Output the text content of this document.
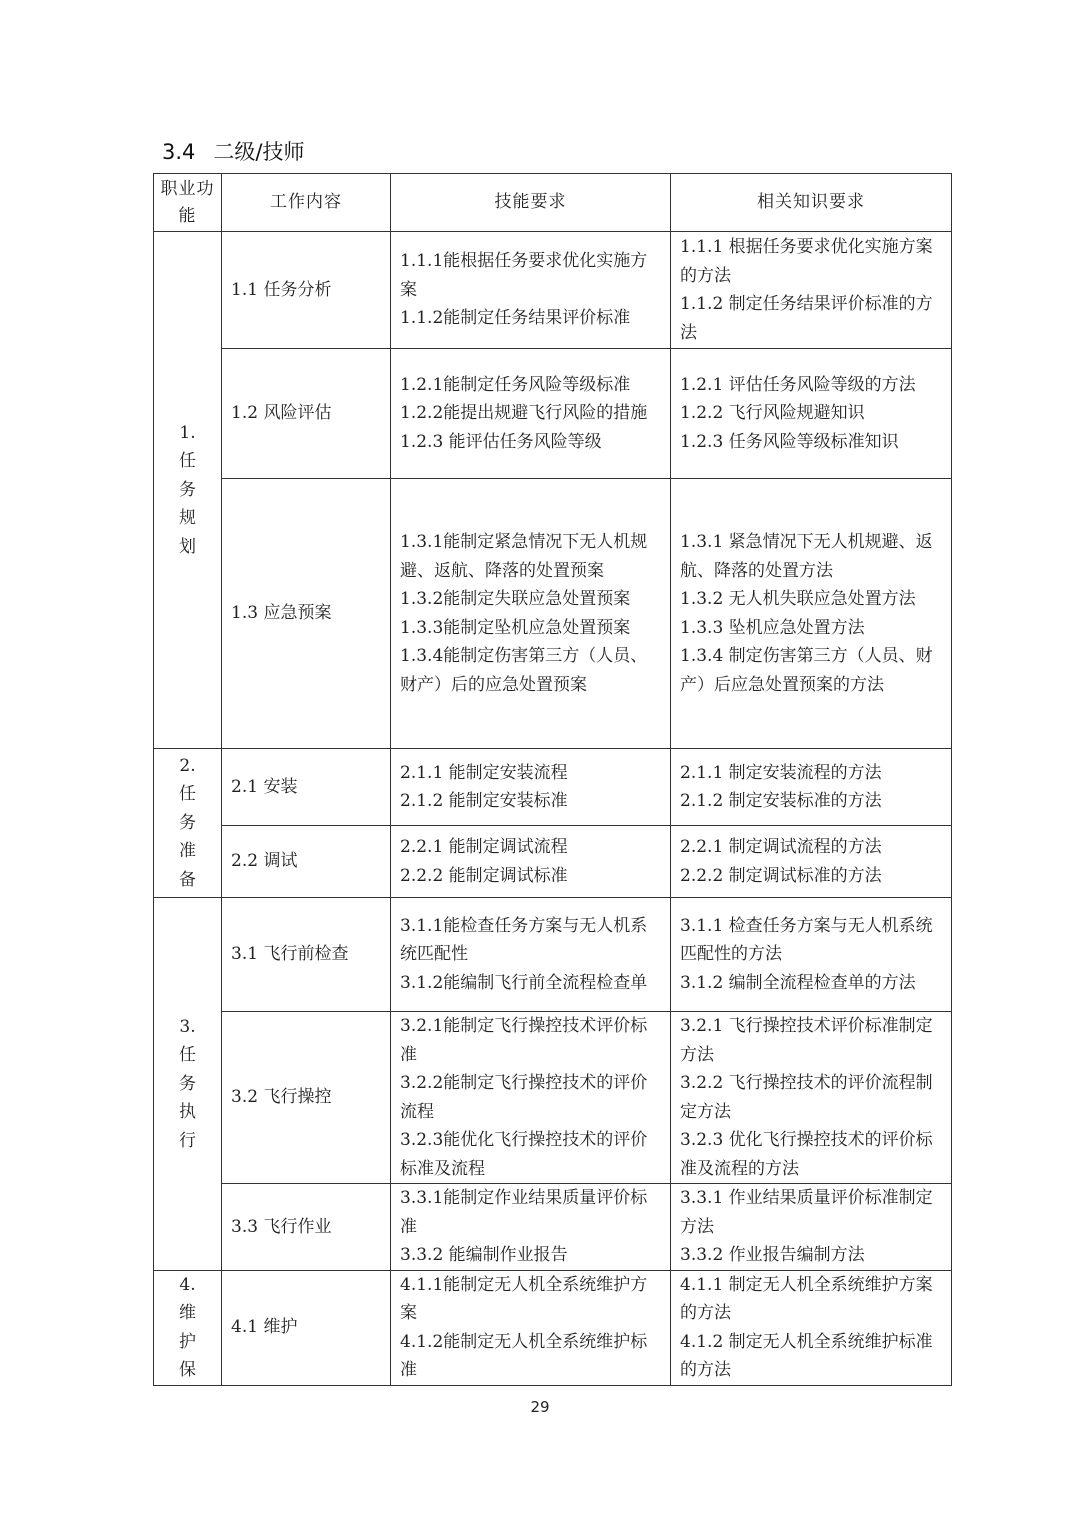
3.4 二级/技师
职业功能	工作内容	技能要求	相关知识要求
1.任务规划	1.1 任务分析	1.1.1能根据任务要求优化实施方案
1.1.2能制定任务结果评价标准	1.1.1 根据任务要求优化实施方案的方法
1.1.2 制定任务结果评价标准的方法

	1.2 风险评估	1.2.1能制定任务风险等级标准
1.2.2能提出规避飞行风险的措施
1.2.3 能评估任务风险等级	1.2.1 评估任务风险等级的方法
1.2.2 飞行风险规避知识
1.2.3 任务风险等级标准知识

	1.3 应急预案	1.3.1能制定紧急情况下无人机规避、返航、降落的处置预案
1.3.2能制定失联应急处置预案
1.3.3能制定坠机应急处置预案
1.3.4能制定伤害第三方（人员、财产）后的应急处置预案	1.3.1 紧急情况下无人机规避、返航、降落的处置方法
1.3.2 无人机失联应急处置方法
1.3.3 坠机应急处置方法
1.3.4 制定伤害第三方（人员、财产）后应急处置预案的方法

2.任务准备	2.1 安装	2.1.1 能制定安装流程
2.1.2 能制定安装标准	2.1.1 制定安装流程的方法
2.1.2 制定安装标准的方法

	2.2 调试	2.2.1 能制定调试流程
2.2.2 能制定调试标准	2.2.1 制定调试流程的方法
2.2.2 制定调试标准的方法

3.任务执行	3.1 飞行前检查	3.1.1能检查任务方案与无人机系统匹配性
3.1.2能编制飞行前全流程检查单	3.1.1 检查任务方案与无人机系统匹配性的方法
3.1.2 编制全流程检查单的方法

	3.2 飞行操控	3.2.1能制定飞行操控技术评价标准
3.2.2能制定飞行操控技术的评价流程
3.2.3能优化飞行操控技术的评价标准及流程	3.2.1 飞行操控技术评价标准制定方法
3.2.2 飞行操控技术的评价流程制定方法
3.2.3 优化飞行操控技术的评价标准及流程的方法

	3.3 飞行作业	3.3.1能制定作业结果质量评价标准
3.3.2 能编制作业报告	3.3.1 作业结果质量评价标准制定方法
3.3.2 作业报告编制方法

4.维护保	4.1 维护	4.1.1能制定无人机全系统维护方案
4.1.2能制定无人机全系统维护标准	4.1.1 制定无人机全系统维护方案的方法
4.1.2 制定无人机全系统维护标准的方法
29
